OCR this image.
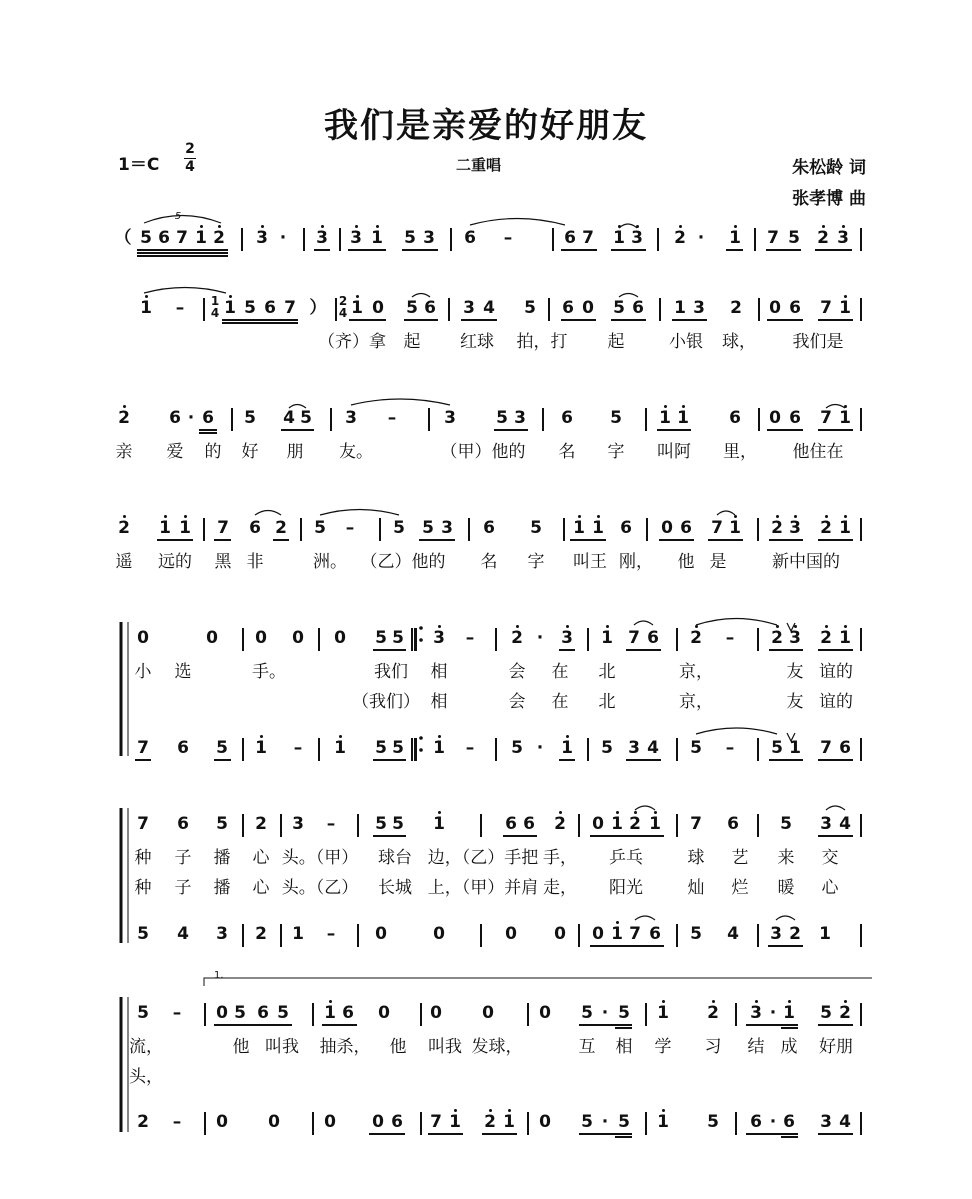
我们是亲爱的好朋友
1＝C
2
4	二重唱	朱松龄 词
张孝博 曲
（ 5 6 7 1 2 3 · 3 3 1 5 3 6 –	6 7 1 3 2 · 1 7 5 2 3
1 – 1 5 6 7 ） 1 0 5 6 3 4 5 6 0 5 6 1 3 2 0 6 7 1
（齐）拿 起 红球 拍，打 起	小银 球， 我们是
1
4
2
4
2 6 · 6 5 4 5 3 –	3 5 3 6 5 1 1 6 0 6 7 1
亲 爱 的 好 朋 友。	（甲）他的 名 字 叫阿 里， 他住在
2 1 1 7 6 2 5 – 5 5 3 6 5 1 1 6 0 6 7 1 2 3 2 1
遥 远的 黑 非	洲。 （乙）他的 名 字 叫王 刚， 他 是	新中国的
0	0 0 0 0 5 5 3 – 2 · 3 1 7 6 2 – 2 3 2 1
小 选	手。	我们 相	会 在 北	京，	友 谊的
（我们） 相	会 在 北	京，	友 谊的
7 6 5 1 – 1 5 5 1 – 5 · 1 5 3 4 5 – 5 1 7 6
7 6 5 2 3 – 5 5 1	6 6 2 0 1 2 1 7 6 5 3 4
种 子 播 心 头。（甲） 球台 边，（乙）手把 手， 乒乓	球 艺 来 交
种 子 播 心 头。（乙） 长城 上，（甲）并肩 走， 阳光	灿 烂 暖 心
5 4 3 2 1 – 0	0	0 0 0 1 7 6 5 4 3 2 1
5 – 0 5 6 5 1 6 0 0 0	0 5 · 5 1 2 3 · 1 5 2
流，	他 叫我 抽杀， 他 叫我 发球，	互 相 学 习 结 成 好朋
头，
2 – 0 0	0 0 6 7 1 2 1 0 5 · 5 1 5 6 · 6 3 4
5
1.
